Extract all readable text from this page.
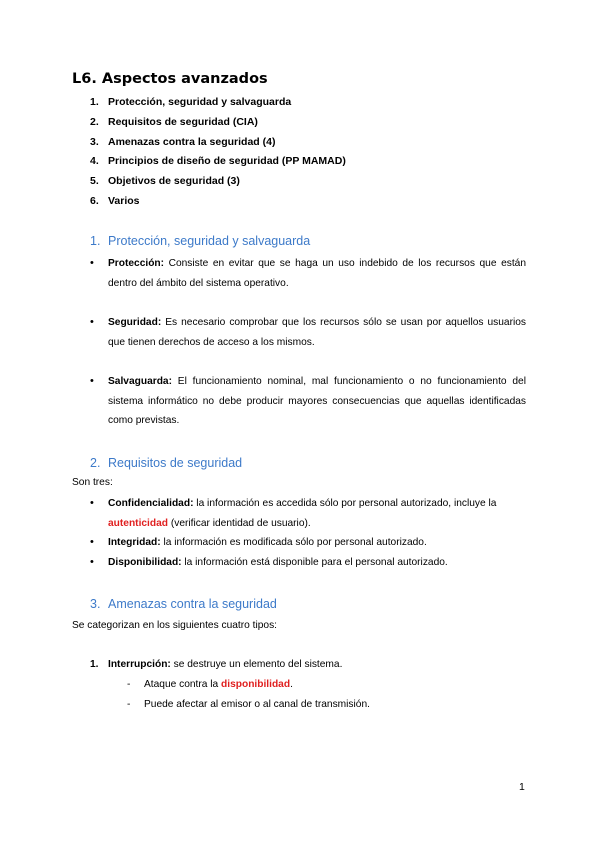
L6. Aspectos avanzados
1. Protección, seguridad y salvaguarda
2. Requisitos de seguridad (CIA)
3. Amenazas contra la seguridad (4)
4. Principios de diseño de seguridad (PP MAMAD)
5. Objetivos de seguridad (3)
6. Varios
1. Protección, seguridad y salvaguarda
• Protección: Consiste en evitar que se haga un uso indebido de los recursos que están dentro del ámbito del sistema operativo.
• Seguridad: Es necesario comprobar que los recursos sólo se usan por aquellos usuarios que tienen derechos de acceso a los mismos.
• Salvaguarda: El funcionamiento nominal, mal funcionamiento o no funcionamiento del sistema informático no debe producir mayores consecuencias que aquellas identificadas como previstas.
2. Requisitos de seguridad
Son tres:
• Confidencialidad: la información es accedida sólo por personal autorizado, incluye la autenticidad (verificar identidad de usuario).
• Integridad: la información es modificada sólo por personal autorizado.
• Disponibilidad: la información está disponible para el personal autorizado.
3. Amenazas contra la seguridad
Se categorizan en los siguientes cuatro tipos:
1. Interrupción: se destruye un elemento del sistema.
- Ataque contra la disponibilidad.
- Puede afectar al emisor o al canal de transmisión.
1
